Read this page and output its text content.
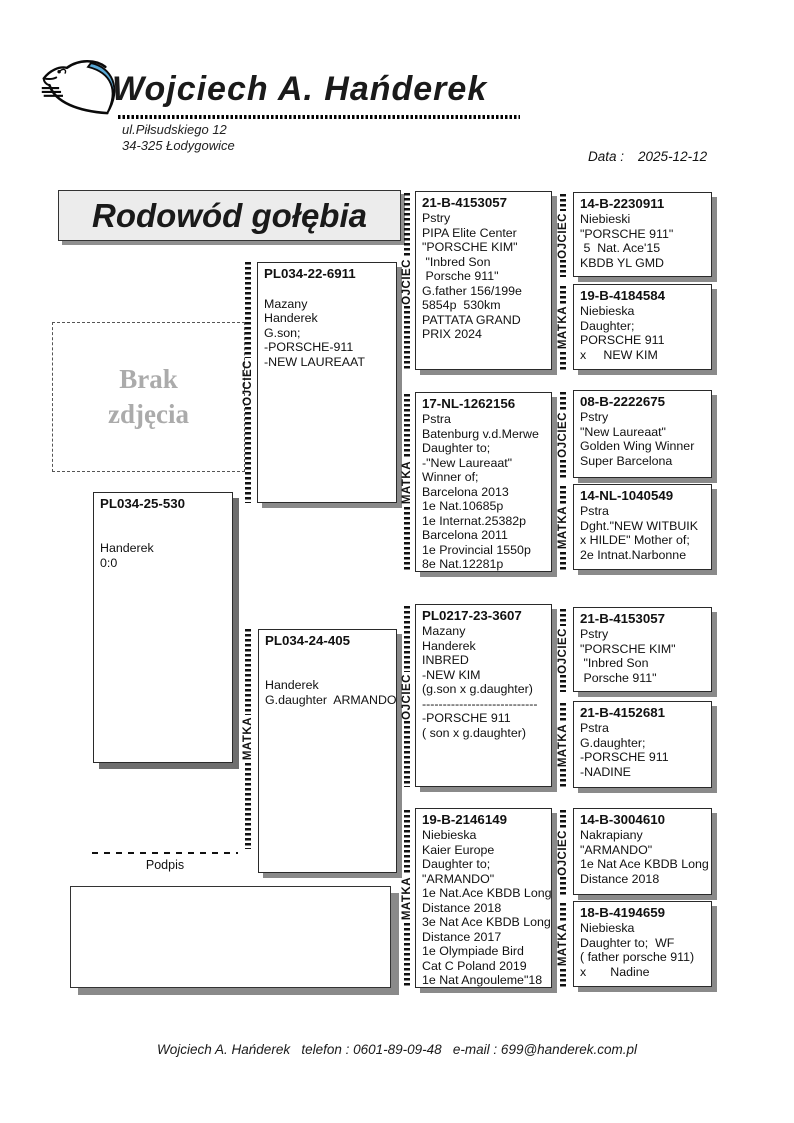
Wojciech A. Hańderek
ul.Piłsudskiego 12
34-325 Łodygowice
Data : 2025-12-12
Rodowód gołębia
Brak
zdjęcia
PL034-25-530
Handerek
0:0
PL034-22-6911
Mazany
Handerek
G.son;
-PORSCHE-911
-NEW LAUREAAT
PL034-24-405
Handerek
G.daughter  ARMANDO
21-B-4153057
Pstry
PIPA Elite Center
"PORSCHE KIM"
"Inbred Son
Porsche 911"
G.father 156/199e
5854p  530km
PATTATA GRAND
PRIX 2024
17-NL-1262156
Pstra
Batenburg v.d.Merwe
Daughter to;
-"New Laureaat"
Winner of;
Barcelona 2013
1e Nat.10685p
1e Internat.25382p
Barcelona 2011
1e Provincial 1550p
8e Nat.12281p
PL0217-23-3607
Mazany
Handerek
INBRED
-NEW KIM
(g.son x g.daughter)
----------------------------
-PORSCHE 911
( son x g.daughter)
19-B-2146149
Niebieska
Kaier Europe
Daughter to;
"ARMANDO"
1e Nat.Ace KBDB Long
Distance 2018
3e Nat Ace KBDB Long
Distance 2017
1e Olympiade Bird
Cat C Poland 2019
1e Nat Angouleme"18
14-B-2230911
Niebieski
"PORSCHE 911"
5  Nat. Ace'15
KBDB YL GMD
19-B-4184584
Niebieska
Daughter;
PORSCHE 911
x     NEW KIM
08-B-2222675
Pstry
"New Laureaat"
Golden Wing Winner
Super Barcelona
14-NL-1040549
Pstra
Dght."NEW WITBUIK
x HILDE" Mother of;
2e Intnat.Narbonne
21-B-4153057
Pstry
"PORSCHE KIM"
"Inbred Son
Porsche 911"
21-B-4152681
Pstra
G.daughter;
-PORSCHE 911
-NADINE
14-B-3004610
Nakrapiany
"ARMANDO"
1e Nat Ace KBDB Long
Distance 2018
18-B-4194659
Niebieska
Daughter to;  WF
( father porsche 911)
x       Nadine
OJCIEC
MATKA
OJCIEC
MATKA
OJCIEC
MATKA
OJCIEC
MATKA
OJCIEC
MATKA
OJCIEC
MATKA
OJCIEC
MATKA
Podpis
Wojciech A. Hańderek   telefon : 0601-89-09-48   e-mail : 699@handerek.com.pl
